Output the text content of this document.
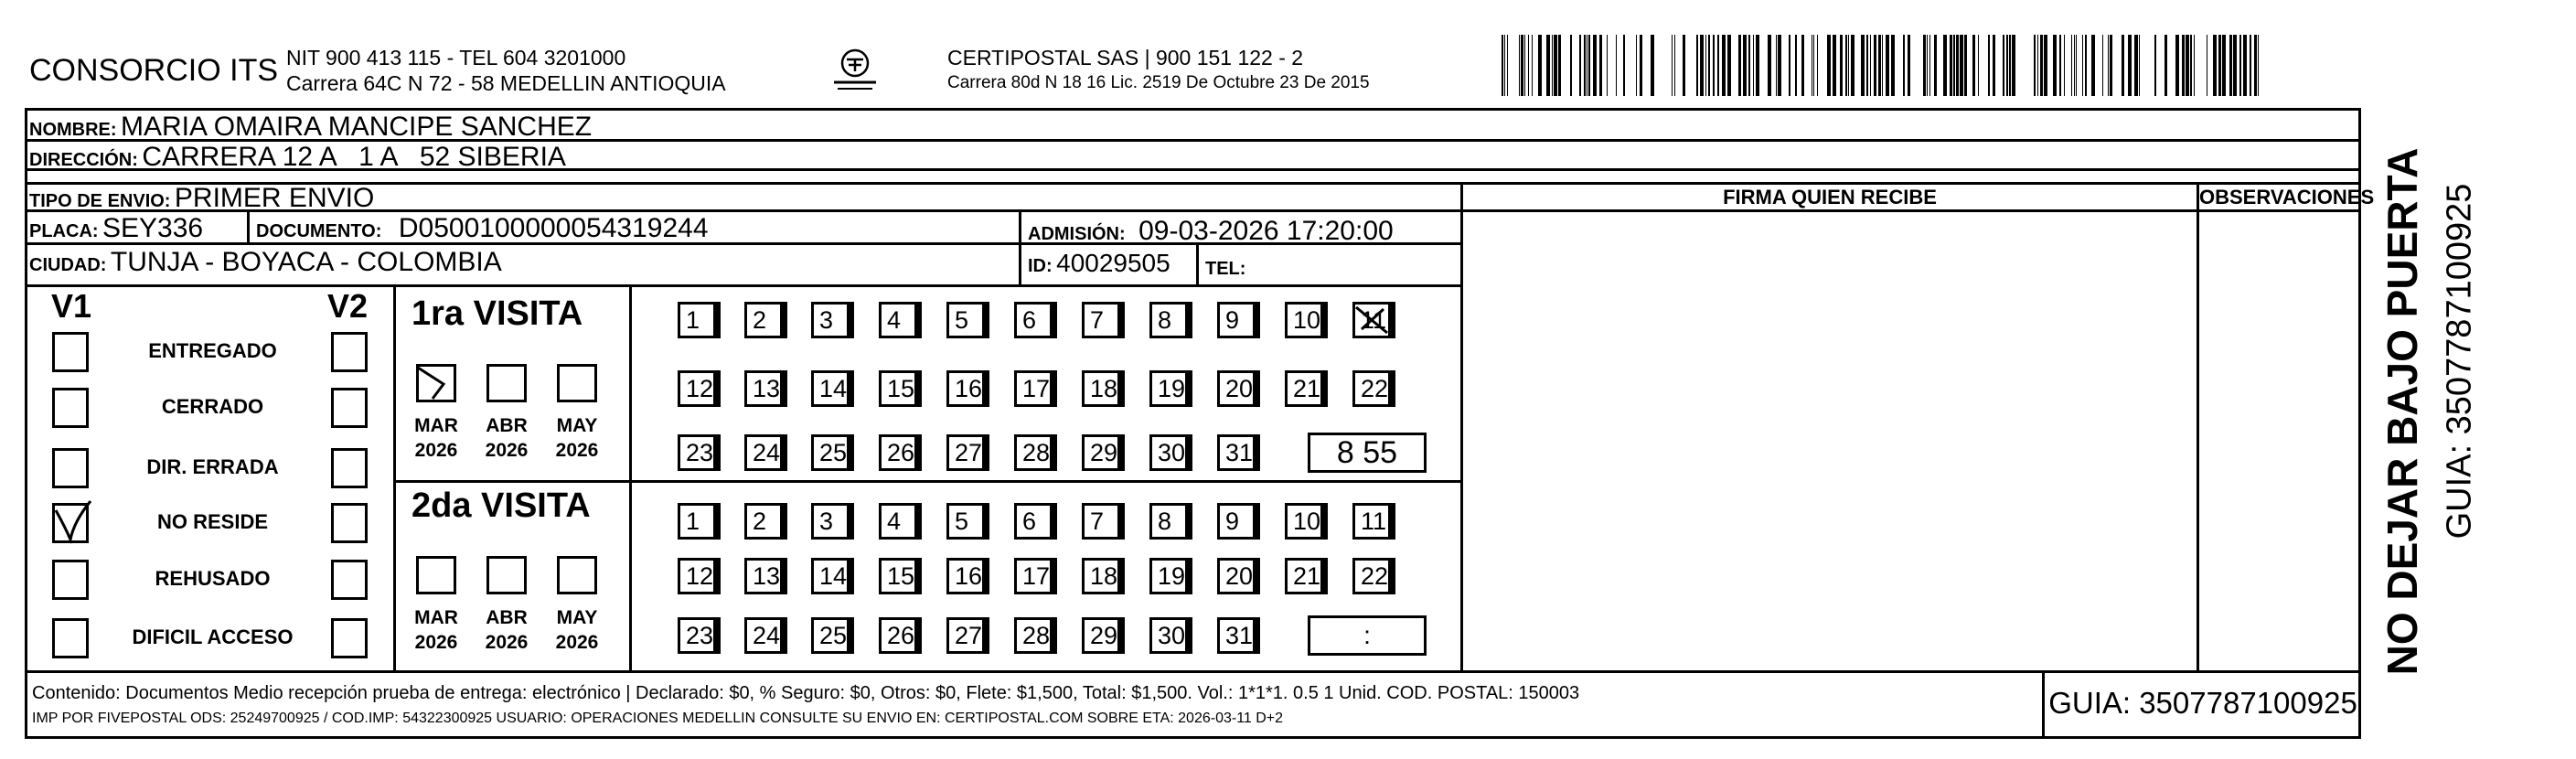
CONSORCIO ITS NIT 900 413 115 - TEL 604 3201000
Carrera 64C N 72 - 58 MEDELLIN ANTIOQUIA
CERTIPOSTAL SAS | 900 151 122 - 2
Carrera 80d N 18 16 Lic. 2519 De Octubre 23 De 2015
NOMBRE: MARIA OMAIRA MANCIPE SANCHEZ
DIRECCIÓN: CARRERA 12 A   1 A   52 SIBERIA
TIPO DE ENVIO: PRIMER ENVIO	FIRMA QUIEN RECIBE	OBSERVACIONES
PLACA: SEY336	DOCUMENTO: D0500100000054319244	ADMISIÓN: 09-03-2026 17:20:00
CIUDAD: TUNJA - BOYACA - COLOMBIA	ID: 40029505 TEL:
V1	V2
ENTREGADO
CERRADO
DIR. ERRADA
NO RESIDE
REHUSADO
DIFICIL ACCESO
1ra VISITA
2da VISITA
MAR
2026
ABR
2026
MAY
2026
1	2	3	4	5	6	7	8	9	10	11
12	13	14	15	16	17	18	19	20	21	22
23	24	25	26	27	28	29	30	31	8 55
MAR
2026
ABR
2026
MAY
2026
1	2	3	4	5	6	7	8	9	10	11
12	13	14	15	16	17	18	19	20	21	22
23	24	25	26	27	28	29	30	31	:
Contenido: Documentos Medio recepción prueba de entrega: electrónico | Declarado: $0, % Seguro: $0, Otros: $0, Flete: $1,500, Total: $1,500. Vol.: 1*1*1. 0.5 1 Unid. COD. POSTAL: 150003
IMP POR FIVEPOSTAL ODS: 25249700925 / COD.IMP: 54322300925 USUARIO: OPERACIONES MEDELLIN CONSULTE SU ENVIO EN: CERTIPOSTAL.COM SOBRE ETA: 2026-03-11 D+2	GUIA: 3507787100925
NO DEJAR BAJO PUERTA GUIA: 3507787100925
